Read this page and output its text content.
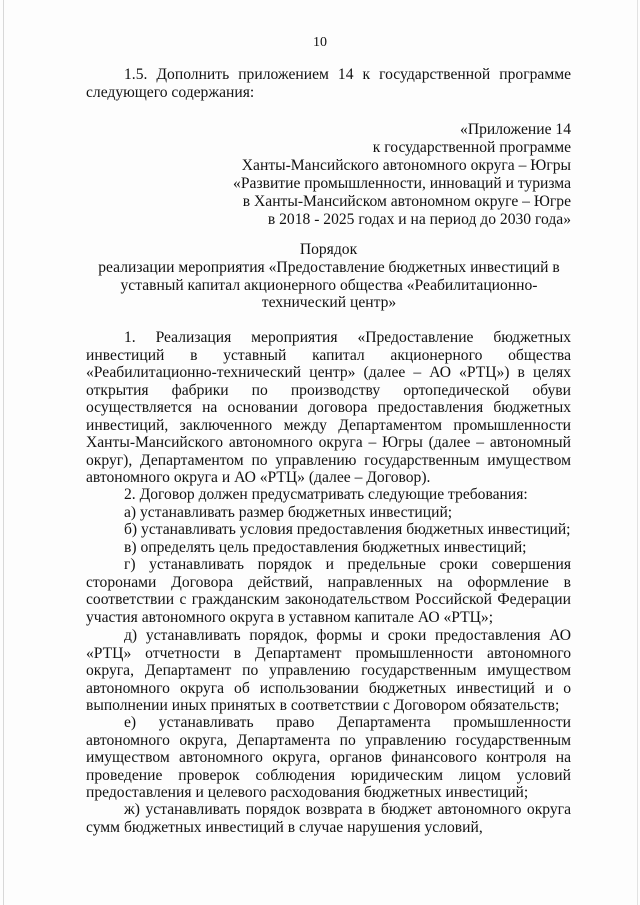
10

1.5. Дополнить приложением 14 к государственной программе следующего содержания:

«Приложение 14

к государственной программе

Ханты-Мансийского автономного округа – Югры

«Развитие промышленности, инноваций и туризма

в Ханты-Мансийском автономном округе – Югре

в 2018 - 2025 годах и на период до 2030 года»

Порядок

реализации мероприятия «Предоставление бюджетных инвестиций в уставный капитал акционерного общества «Реабилитационно-технический центр»

1. Реализация мероприятия «Предоставление бюджетных инвестиций в уставный капитал акционерного общества «Реабилитационно-технический центр» (далее – АО «РТЦ») в целях открытия фабрики по производству ортопедической обуви осуществляется на основании договора предоставления бюджетных инвестиций, заключенного между Департаментом промышленности Ханты-Мансийского автономного округа – Югры (далее – автономный округ), Департаментом по управлению государственным имуществом автономного округа и АО «РТЦ» (далее – Договор).

2. Договор должен предусматривать следующие требования:

а) устанавливать размер бюджетных инвестиций;

б) устанавливать условия предоставления бюджетных инвестиций;

в) определять цель предоставления бюджетных инвестиций;

г) устанавливать порядок и предельные сроки совершения сторонами Договора действий, направленных на оформление в соответствии с гражданским законодательством Российской Федерации участия автономного округа в уставном капитале АО «РТЦ»;

д) устанавливать порядок, формы и сроки предоставления АО «РТЦ» отчетности в Департамент промышленности автономного округа, Департамент по управлению государственным имуществом автономного округа об использовании бюджетных инвестиций и о выполнении иных принятых в соответствии с Договором обязательств;

е) устанавливать право Департамента промышленности автономного округа, Департамента по управлению государственным имуществом автономного округа, органов финансового контроля на проведение проверок соблюдения юридическим лицом условий предоставления и целевого расходования бюджетных инвестиций;

ж) устанавливать порядок возврата в бюджет автономного округа сумм бюджетных инвестиций в случае нарушения условий,
